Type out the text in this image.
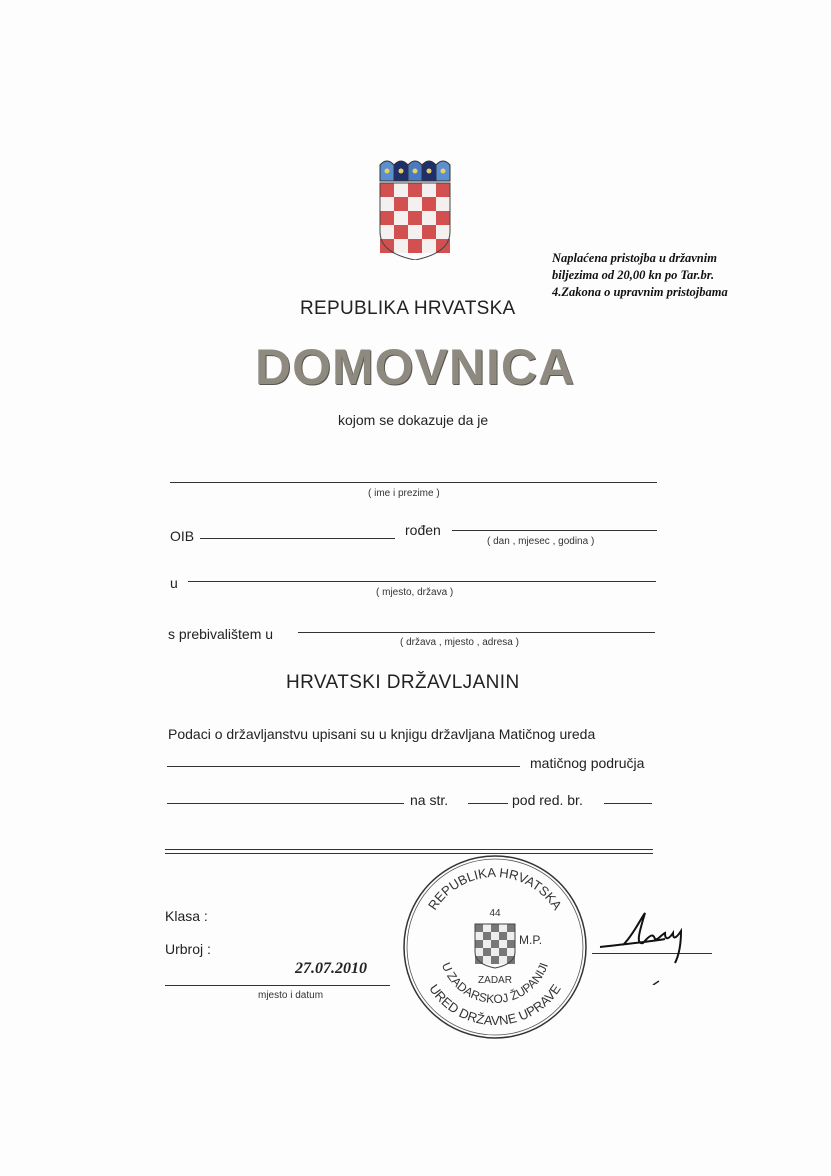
Naplaćena pristojba u državnim
biljezima od 20,00 kn po Tar.br.
4.Zakona o upravnim pristojbama
REPUBLIKA HRVATSKA
DOMOVNICA
kojom se dokazuje da je
( ime i prezime )
OIB	rođen
( dan , mjesec , godina )
u
( mjesto, država )
s prebivalištem u
( država , mjesto , adresa )
HRVATSKI DRŽAVLJANIN
Podaci o državljanstvu upisani su u knjigu državljana Matičnog ureda
matičnog područja
na str.	pod red. br.
Klasa :
Urbroj :
27.07.2010
mjesto i datum
REPUBLIKA HRVATSKA
URED DRŽAVNE UPRAVE
U ZADARSKOJ ŽUPANIJI
44
M.P.
ZADAR
